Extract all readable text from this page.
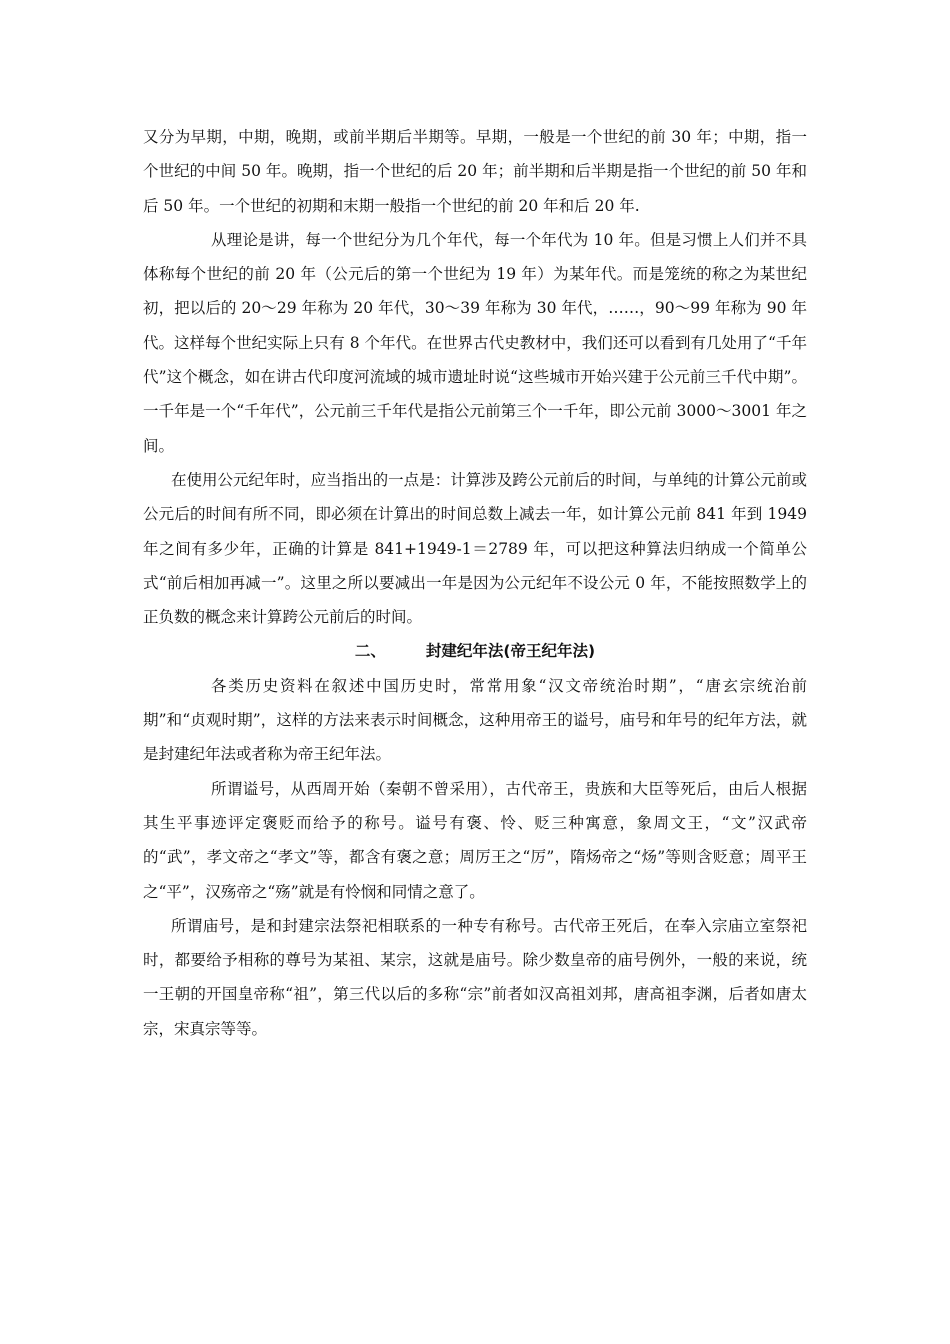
又分为早期，中期，晚期，或前半期后半期等。早期，一般是一个世纪的前 30 年；中期，指一个世纪的中间 50 年。晚期，指一个世纪的后 20 年；前半期和后半期是指一个世纪的前 50 年和后 50 年。一个世纪的初期和末期一般指一个世纪的前 20 年和后 20 年.

从理论是讲，每一个世纪分为几个年代，每一个年代为 10 年。但是习惯上人们并不具体称每个世纪的前 20 年（公元后的第一个世纪为 19 年）为某年代。而是笼统的称之为某世纪初，把以后的 20～29 年称为 20 年代，30～39 年称为 30 年代，……，90～99 年称为 90 年代。这样每个世纪实际上只有 8 个年代。在世界古代史教材中，我们还可以看到有几处用了“千年代”这个概念，如在讲古代印度河流域的城市遗址时说“这些城市开始兴建于公元前三千代中期”。一千年是一个“千年代”，公元前三千年代是指公元前第三个一千年，即公元前 3000～3001 年之间。

在使用公元纪年时，应当指出的一点是：计算涉及跨公元前后的时间，与单纯的计算公元前或公元后的时间有所不同，即必须在计算出的时间总数上减去一年，如计算公元前 841 年到 1949 年之间有多少年，正确的计算是 841+1949-1＝2789 年，可以把这种算法归纳成一个简单公式“前后相加再减一”。这里之所以要减出一年是因为公元纪年不设公元 0 年，不能按照数学上的正负数的概念来计算跨公元前后的时间。

二、	封建纪年法(帝王纪年法)

各类历史资料在叙述中国历史时，常常用象“汉文帝统治时期”，“唐玄宗统治前期”和“贞观时期”，这样的方法来表示时间概念，这种用帝王的谥号，庙号和年号的纪年方法，就是封建纪年法或者称为帝王纪年法。

所谓谥号，从西周开始（秦朝不曾采用），古代帝王，贵族和大臣等死后，由后人根据其生平事迹评定褒贬而给予的称号。谥号有褒、怜、贬三种寓意，象周文王，“文”汉武帝的“武”，孝文帝之“孝文”等，都含有褒之意；周厉王之“厉”，隋炀帝之“炀”等则含贬意；周平王之“平”，汉殇帝之“殇”就是有怜悯和同情之意了。

所谓庙号，是和封建宗法祭祀相联系的一种专有称号。古代帝王死后，在奉入宗庙立室祭祀时，都要给予相称的尊号为某祖、某宗，这就是庙号。除少数皇帝的庙号例外，一般的来说，统一王朝的开国皇帝称“祖”，第三代以后的多称“宗”前者如汉高祖刘邦，唐高祖李渊，后者如唐太宗，宋真宗等等。
